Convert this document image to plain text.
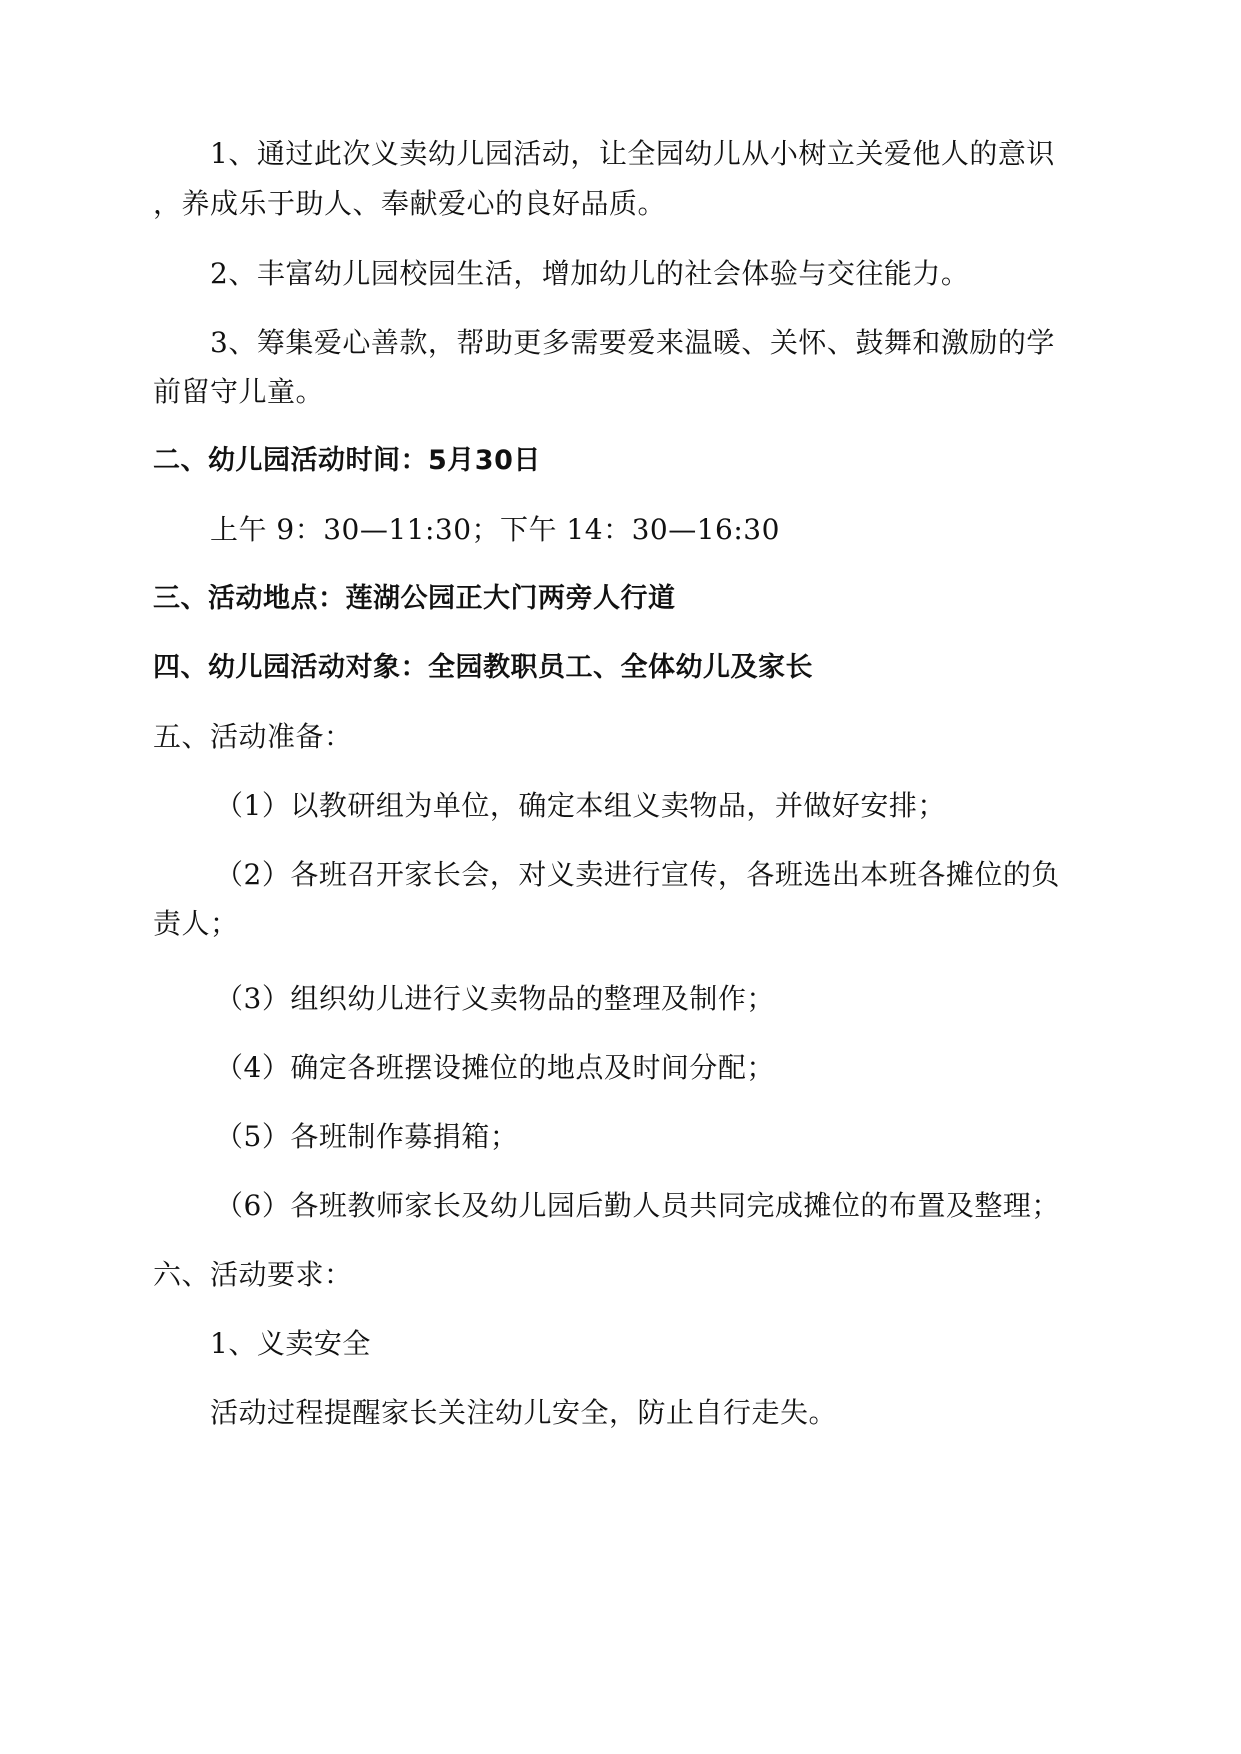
1、通过此次义卖幼儿园活动，让全园幼儿从小树立关爱他人的意识
，养成乐于助人、奉献爱心的良好品质。
2、丰富幼儿园校园生活，增加幼儿的社会体验与交往能力。
3、筹集爱心善款，帮助更多需要爱来温暖、关怀、鼓舞和激励的学
前留守儿童。
二、幼儿园活动时间：5月30日
上午 9：30—11:30；下午 14：30—16:30
三、活动地点：莲湖公园正大门两旁人行道
四、幼儿园活动对象：全园教职员工、全体幼儿及家长
五、活动准备：
（1）以教研组为单位，确定本组义卖物品，并做好安排；
（2）各班召开家长会，对义卖进行宣传，各班选出本班各摊位的负
责人；
（3）组织幼儿进行义卖物品的整理及制作；
（4）确定各班摆设摊位的地点及时间分配；
（5）各班制作募捐箱；
（6）各班教师家长及幼儿园后勤人员共同完成摊位的布置及整理；
六、活动要求：
1、义卖安全
活动过程提醒家长关注幼儿安全，防止自行走失。
